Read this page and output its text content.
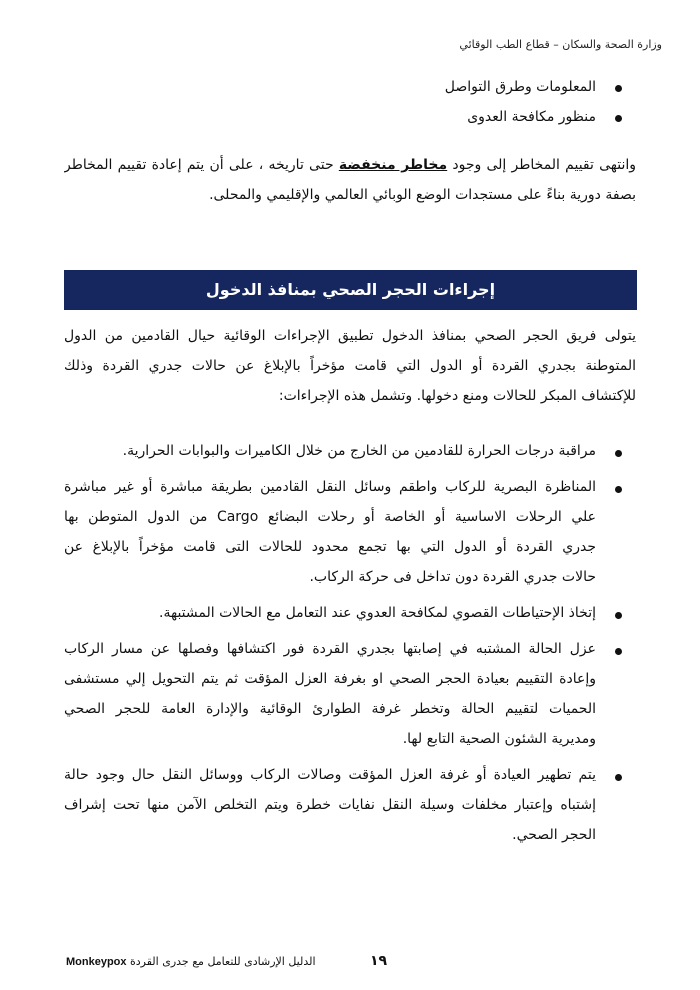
وزارة الصحة والسكان – قطاع الطب الوقائي
المعلومات وطرق التواصل
منظور مكافحة العدوى
وانتهى تقييم المخاطر إلى وجود مخاطر منخفضة حتى تاريخه ، على أن يتم إعادة تقييم المخاطر
بصفة دورية بناءً على مستجدات الوضع الوبائي العالمي والإقليمي والمحلى.
إجراءات الحجر الصحي بمنافذ الدخول
يتولى فريق الحجر الصحي بمنافذ الدخول تطبيق الإجراءات الوقائية حيال القادمين من الدول
المتوطنة بجدري القردة أو الدول التي قامت مؤخراً بالإبلاغ عن حالات جدري القردة وذلك
للإكتشاف المبكر للحالات ومنع دخولها. وتشمل هذه الإجراءات:
مراقبة درجات الحرارة للقادمين من الخارج من خلال الكاميرات والبوابات الحرارية.
المناظرة البصرية للركاب واطقم وسائل النقل القادمين بطريقة مباشرة أو غير مباشرة
علي الرحلات الاساسية أو الخاصة أو رحلات البضائع Cargo من الدول المتوطن بها
جدري القردة أو الدول التي بها تجمع محدود للحالات التى قامت مؤخراً بالإبلاغ عن
حالات جدري القردة دون تداخل فى حركة الركاب.
إتخاذ الإحتياطات القصوي لمكافحة العدوي عند التعامل مع الحالات المشتبهة.
عزل الحالة المشتبه في إصابتها بجدري القردة فور اكتشافها وفصلها عن مسار الركاب
وإعادة التقييم بعيادة الحجر الصحي او بغرفة العزل المؤقت ثم يتم التحويل إلي مستشفى
الحميات لتقييم الحالة وتخطر غرفة الطوارئ الوقائية والإدارة العامة للحجر الصحي
ومديرية الشئون الصحية التابع لها.
يتم تطهير العيادة أو غرفة العزل المؤقت وصالات الركاب ووسائل النقل حال وجود حالة
إشتباه وإعتبار مخلفات وسيلة النقل نفايات خطرة ويتم التخلص الآمن منها تحت إشراف
الحجر الصحي.
الدليل الإرشادى للتعامل مع جدرى القردة Monkeypox	١٩
